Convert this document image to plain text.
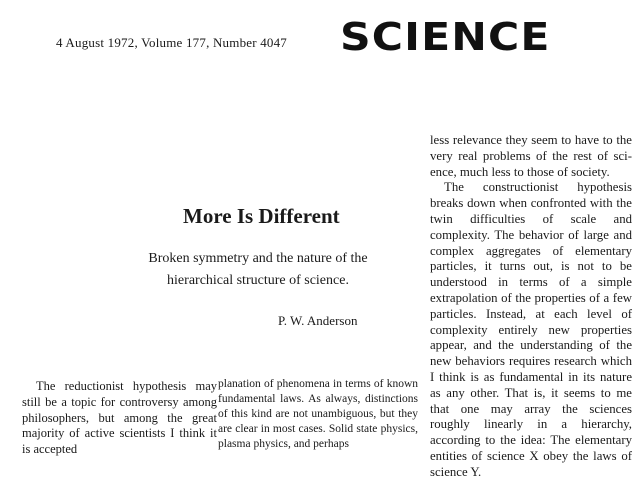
4 August 1972, Volume 177, Number 4047 SCIENCE
More Is Different
Broken symmetry and the nature of the hierarchical structure of science.
P. W. Anderson

The reductionist hypothesis may still be a topic for controversy among philosophers, but among the great majority of active scientists I think it is accepted

planation of phenomena in terms of known fundamental laws. As always, distinctions of this kind are not unambiguous, but they are clear in most cases. Solid state physics, plasma physics, and perhaps

less relevance they seem to have to the very real problems of the rest of science, much less to those of society.

The constructionist hypothesis breaks down when confronted with the twin difficulties of scale and complexity. The behavior of large and complex aggregates of elementary particles, it turns out, is not to be understood in terms of a simple extrapolation of the properties of a few particles. Instead, at each level of complexity entirely new properties appear, and the understanding of the new behaviors requires research which I think is as fundamental in its nature as any other. That is, it seems to me that one may array the sciences roughly linearly in a hierarchy, according to the idea: The elementary entities of science X obey the laws of science Y.
